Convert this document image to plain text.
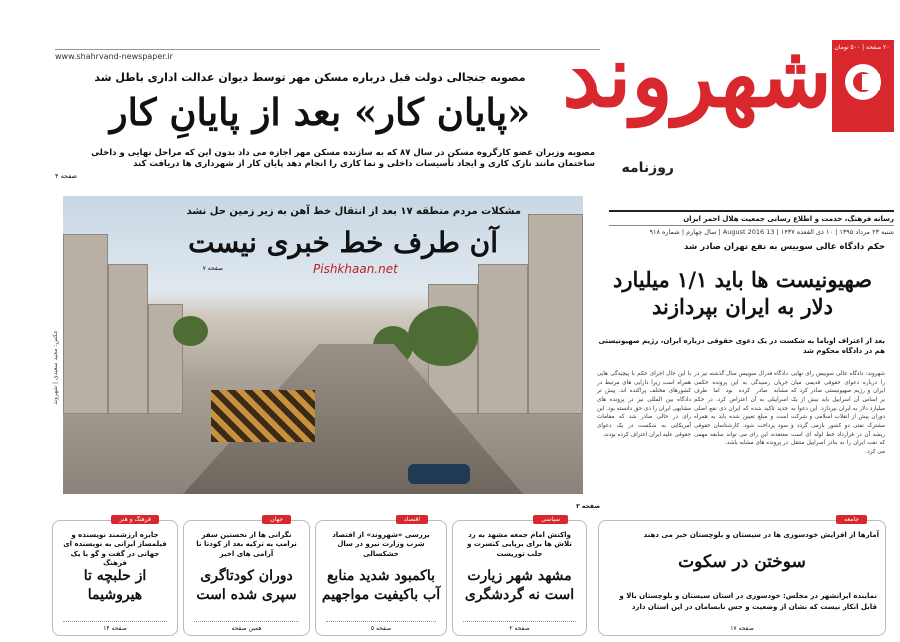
۲۰ صفحه | ۵۰۰ تومان
شهروند
روزنامه
رسانه فرهنگ، خدمت و اطلاع رسانی جمعیت هلال احمر ایران
شنبه ۲۳ مرداد ۱۳۹۵ | ۱۰ ذی القعده ۱۴۳۷ | 13 August 2016 | سال چهارم | شماره ۹۱۸
www.shahrvand-newspaper.ir
مصوبه جنجالی دولت قبل درباره مسکن مهر توسط دیوان عدالت اداری باطل شد
«پایان کار» بعد از پایانِ کار
مصوبه وزیران عضو کارگروه مسکن در سال ۸۷ که به سازنده مسکن مهر اجازه می داد بدون این که مراحل نهایی و داخلی ساختمان مانند نازک کاری و ایجاد تأسیسات داخلی و نما کاری را انجام دهد پایان کار از شهرداری ها دریافت کند
صفحه ۴
عکس: مجید سعیدی | شهروند
مشکلات مردم منطقه ۱۷ بعد از انتقال خط آهن به زیر زمین حل نشد
آن طرف خط خبری نیست
صفحه ۷	Pishkhaan.net
حکم دادگاه عالی سوییس به نفع تهران صادر شد
صهیونیست ها باید ۱/۱ میلیارد دلار به ایران بپردازند
بعد از اعتراف اوباما به شکست در یک دعوی حقوقی درباره ایران، رژیم صهیونیستی هم در دادگاه محکوم شد
شهروند: دادگاه عالی سوییس رای نهایی را درباره دعوای حقوقی قدیمی میان ایران و رژیم صهیونیستی صادر کرد که بر اساس آن اسراییل باید بیش از یک میلیارد دلار به ایران بپردازد. این دعوا به دوران پیش از انقلاب اسلامی و شرکت مشترک نفتی دو کشور بازمی گردد و ریشه آن در قرارداد خط لوله ای است که نفت ایران را به بنادر اسراییل منتقل می کرد.
دادگاه فدرال سوییس سال گذشته نیز در جریان رسیدگی به این پرونده حکمی مشابه صادر کرده بود اما طرف اسراییلی به آن اعتراض کرد. در حکم جدید تاکید شده که ایران ذی نفع اصلی است و مبلغ تعیین شده باید به همراه سود پرداخت شود. کارشناسان حقوقی معتقدند این رای می تواند سابقه مهمی در پرونده های مشابه باشد.
با این حال اجرای حکم با پیچیدگی هایی همراه است زیرا دارایی های مرتبط در کشورهای مختلف پراکنده اند. پیش تر دادگاه بین المللی نیز در پرونده های مشابهی ایران را ذی حق دانسته بود. این رای در حالی صادر شد که مقامات آمریکایی به شکست در یک دعوای حقوقی علیه ایران اعتراف کرده بودند.
صفحه ۳
جامعه
آمارها از افزایش خودسوزی ها در سیستان و بلوچستان خبر می دهند
سوختن در سکوت
نماینده ایرانشهر در مجلس: خودسوزی در استان سیستان و بلوچستان بالا و قابل انکار نیست که نشان از وضعیت و حس نابسامان در این استان دارد
صفحه ۱۷
سیاسی
واکنش امام جمعه مشهد به رد تلاش ها برای برپایی کنسرت و جلب توریست
مشهد شهر زیارت است نه گردشگری
صفحه ۲
اقتصاد
بررسی «شهروند» از اقتصاد شرب وزارت نیرو در سال خشکسالی
باکمبود شدید منابع آب باکیفیت مواجهیم
صفحه ۵
جهان
نگرانی ها از نخستین سفر ترامپ به ترکیه بعد از کودتا نا آرامی های اخیر
دوران کودتاگری سپری شده است
همین صفحه
فرهنگ و هنر
جایزه ارزشمند نویسنده و فیلمساز ایرانی به نویسنده ای جهانی در گفت و گو با یک فرهنگ
از حلبچه تا هیروشیما
صفحه ۱۴
